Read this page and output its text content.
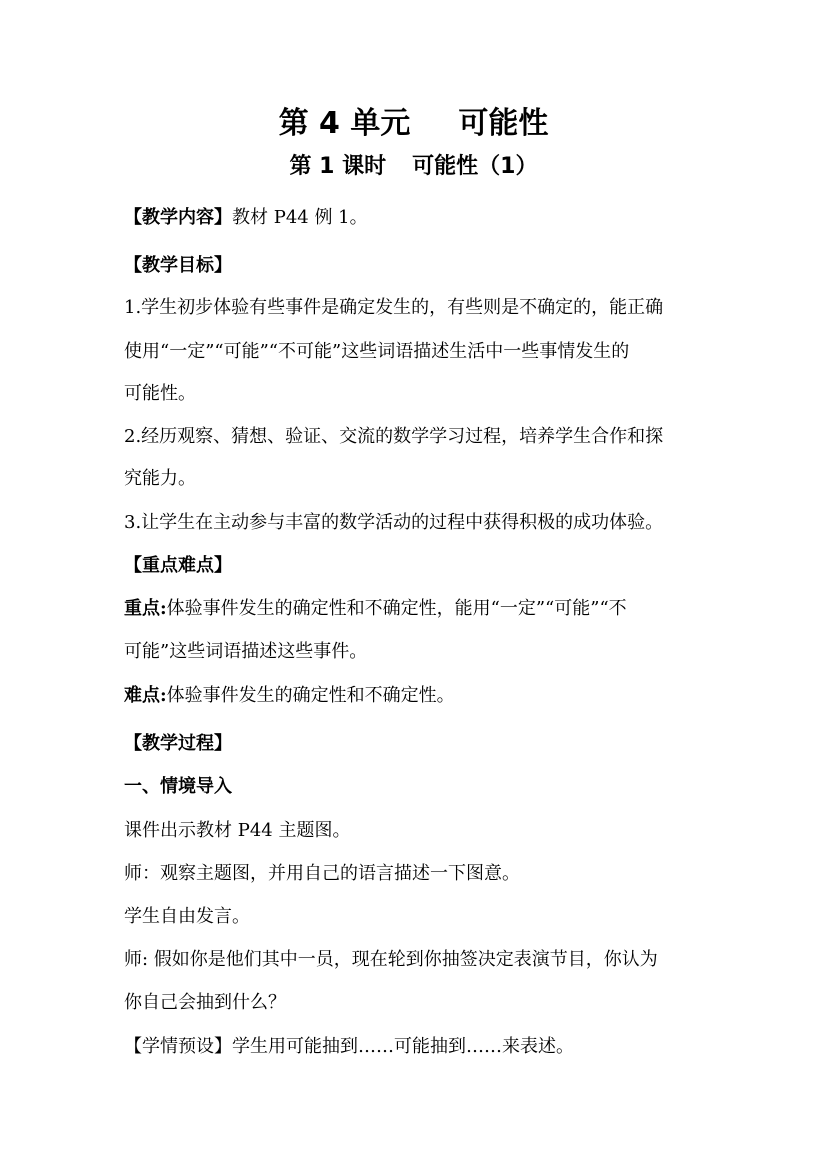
第 4 单元 可能性
第 1 课时 可能性（1）
【教学内容】教材 P44 例 1。
【教学目标】
1.学生初步体验有些事件是确定发生的，有些则是不确定的，能正确
使用“一定”“可能”“不可能”这些词语描述生活中一些事情发生的
可能性。
2.经历观察、猜想、验证、交流的数学学习过程，培养学生合作和探
究能力。
3.让学生在主动参与丰富的数学活动的过程中获得积极的成功体验。
【重点难点】
重点:体验事件发生的确定性和不确定性，能用“一定”“可能”“不
可能”这些词语描述这些事件。
难点:体验事件发生的确定性和不确定性。
【教学过程】
一、情境导入
课件出示教材 P44 主题图。
师：观察主题图，并用自己的语言描述一下图意。
学生自由发言。
师: 假如你是他们其中一员，现在轮到你抽签决定表演节目，你认为
你自己会抽到什么？
【学情预设】学生用可能抽到……可能抽到……来表述。
